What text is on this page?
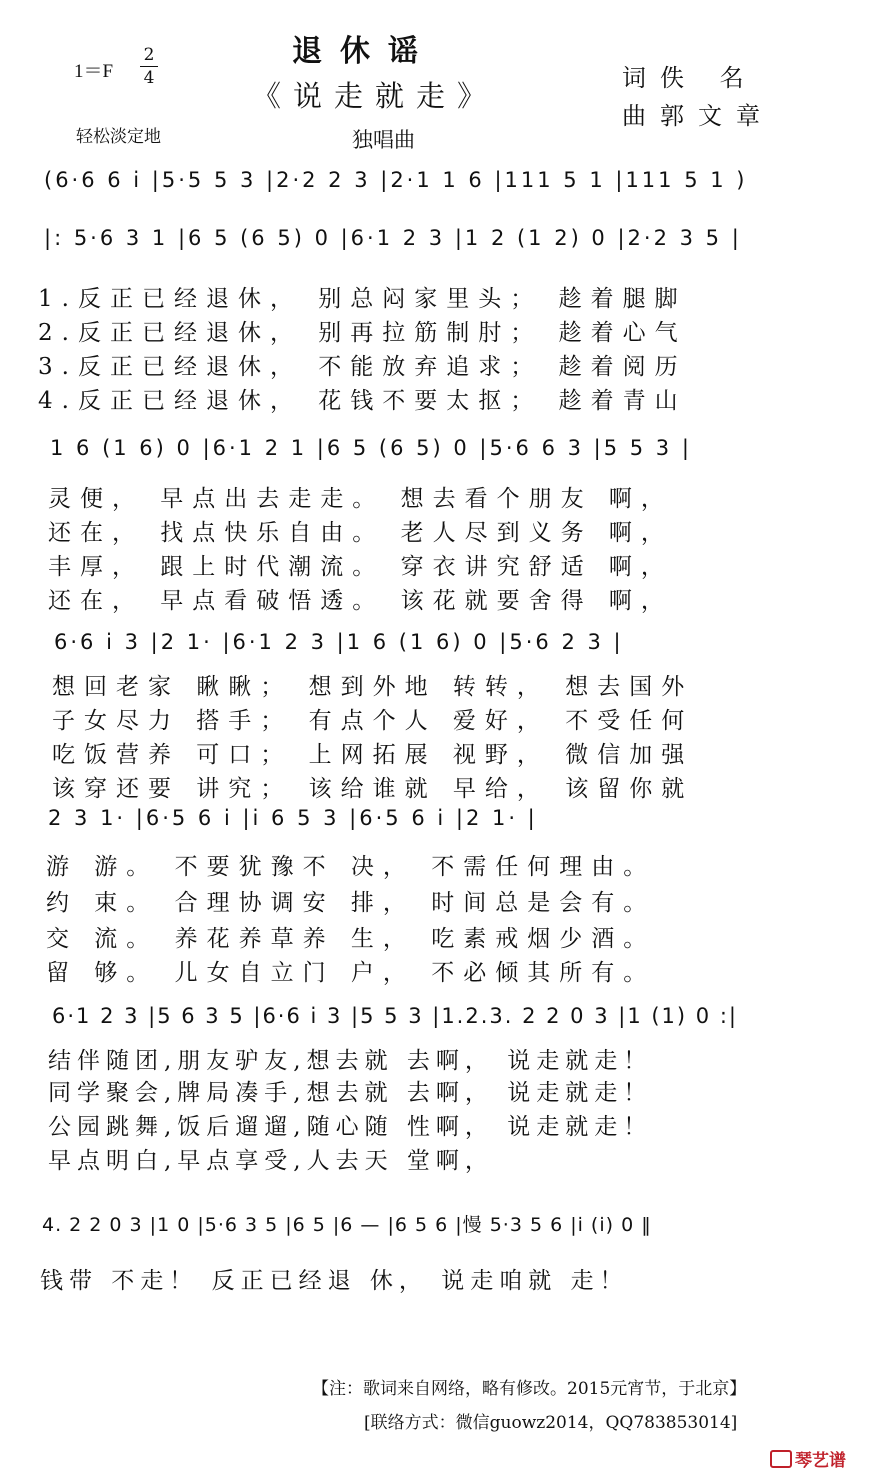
退休谣
《说走就走》
独唱曲
1＝F
2
4
轻松淡定地
词佚 名
曲郭文章
(6·6 6 i̇ |5·5 5 3 |2·2 2 3 |2·1 1 6 |111 5 1 |111 5 1 )
|: 5·6 3 1 |6 5 (6 5) 0 |6·1 2 3 |1 2 (1 2) 0 |2·2 3 5 |
1.反正已经退休， 别总闷家里头； 趁着腿脚
2.反正已经退休， 别再拉筋制肘； 趁着心气
3.反正已经退休， 不能放弃追求； 趁着阅历
4.反正已经退休， 花钱不要太抠； 趁着青山
1 6 (1 6) 0 |6·1 2 1 |6 5 (6 5) 0 |5·6 6 3 |5 5 3 |
灵便， 早点出去走走。 想去看个朋友 啊，
还在， 找点快乐自由。 老人尽到义务 啊，
丰厚， 跟上时代潮流。 穿衣讲究舒适 啊，
还在， 早点看破悟透。 该花就要舍得 啊，
6·6 i̇ 3 |2 1· |6·1 2 3 |1 6 (1 6) 0 |5·6 2 3 |
想回老家 瞅瞅； 想到外地 转转， 想去国外
子女尽力 搭手； 有点个人 爱好， 不受任何
吃饭营养 可口； 上网拓展 视野， 微信加强
该穿还要 讲究； 该给谁就 早给， 该留你就
2 3 1· |6·5 6 i̇ |i̇ 6 5 3 |6·5 6 i̇ |2 1· |
游 游。 不要犹豫不 决， 不需任何理由。
约 束。 合理协调安 排， 时间总是会有。
交 流。 养花养草养 生， 吃素戒烟少酒。
留 够。 儿女自立门 户， 不必倾其所有。
6·1 2 3 |5 6 3 5 |6·6 i̇ 3 |5 5 3 |1.2.3. 2 2 0 3 |1 (1) 0 :|
结伴随团,朋友驴友,想去就 去啊， 说走就走！
同学聚会,牌局凑手,想去就 去啊， 说走就走！
公园跳舞,饭后遛遛,随心随 性啊， 说走就走！
早点明白,早点享受,人去天 堂啊，
4. 2 2 0 3 |1 0 |5·6 3 5 |6 5 |6 — |6 5 6 |慢 5·3 5 6 |i̇ (i̇) 0 ‖
钱带 不走！ 反正已经退 休， 说走咱就 走！
【注：歌词来自网络，略有修改。2015元宵节，于北京】
[联络方式：微信guowz2014，QQ783853014]
琴艺谱
